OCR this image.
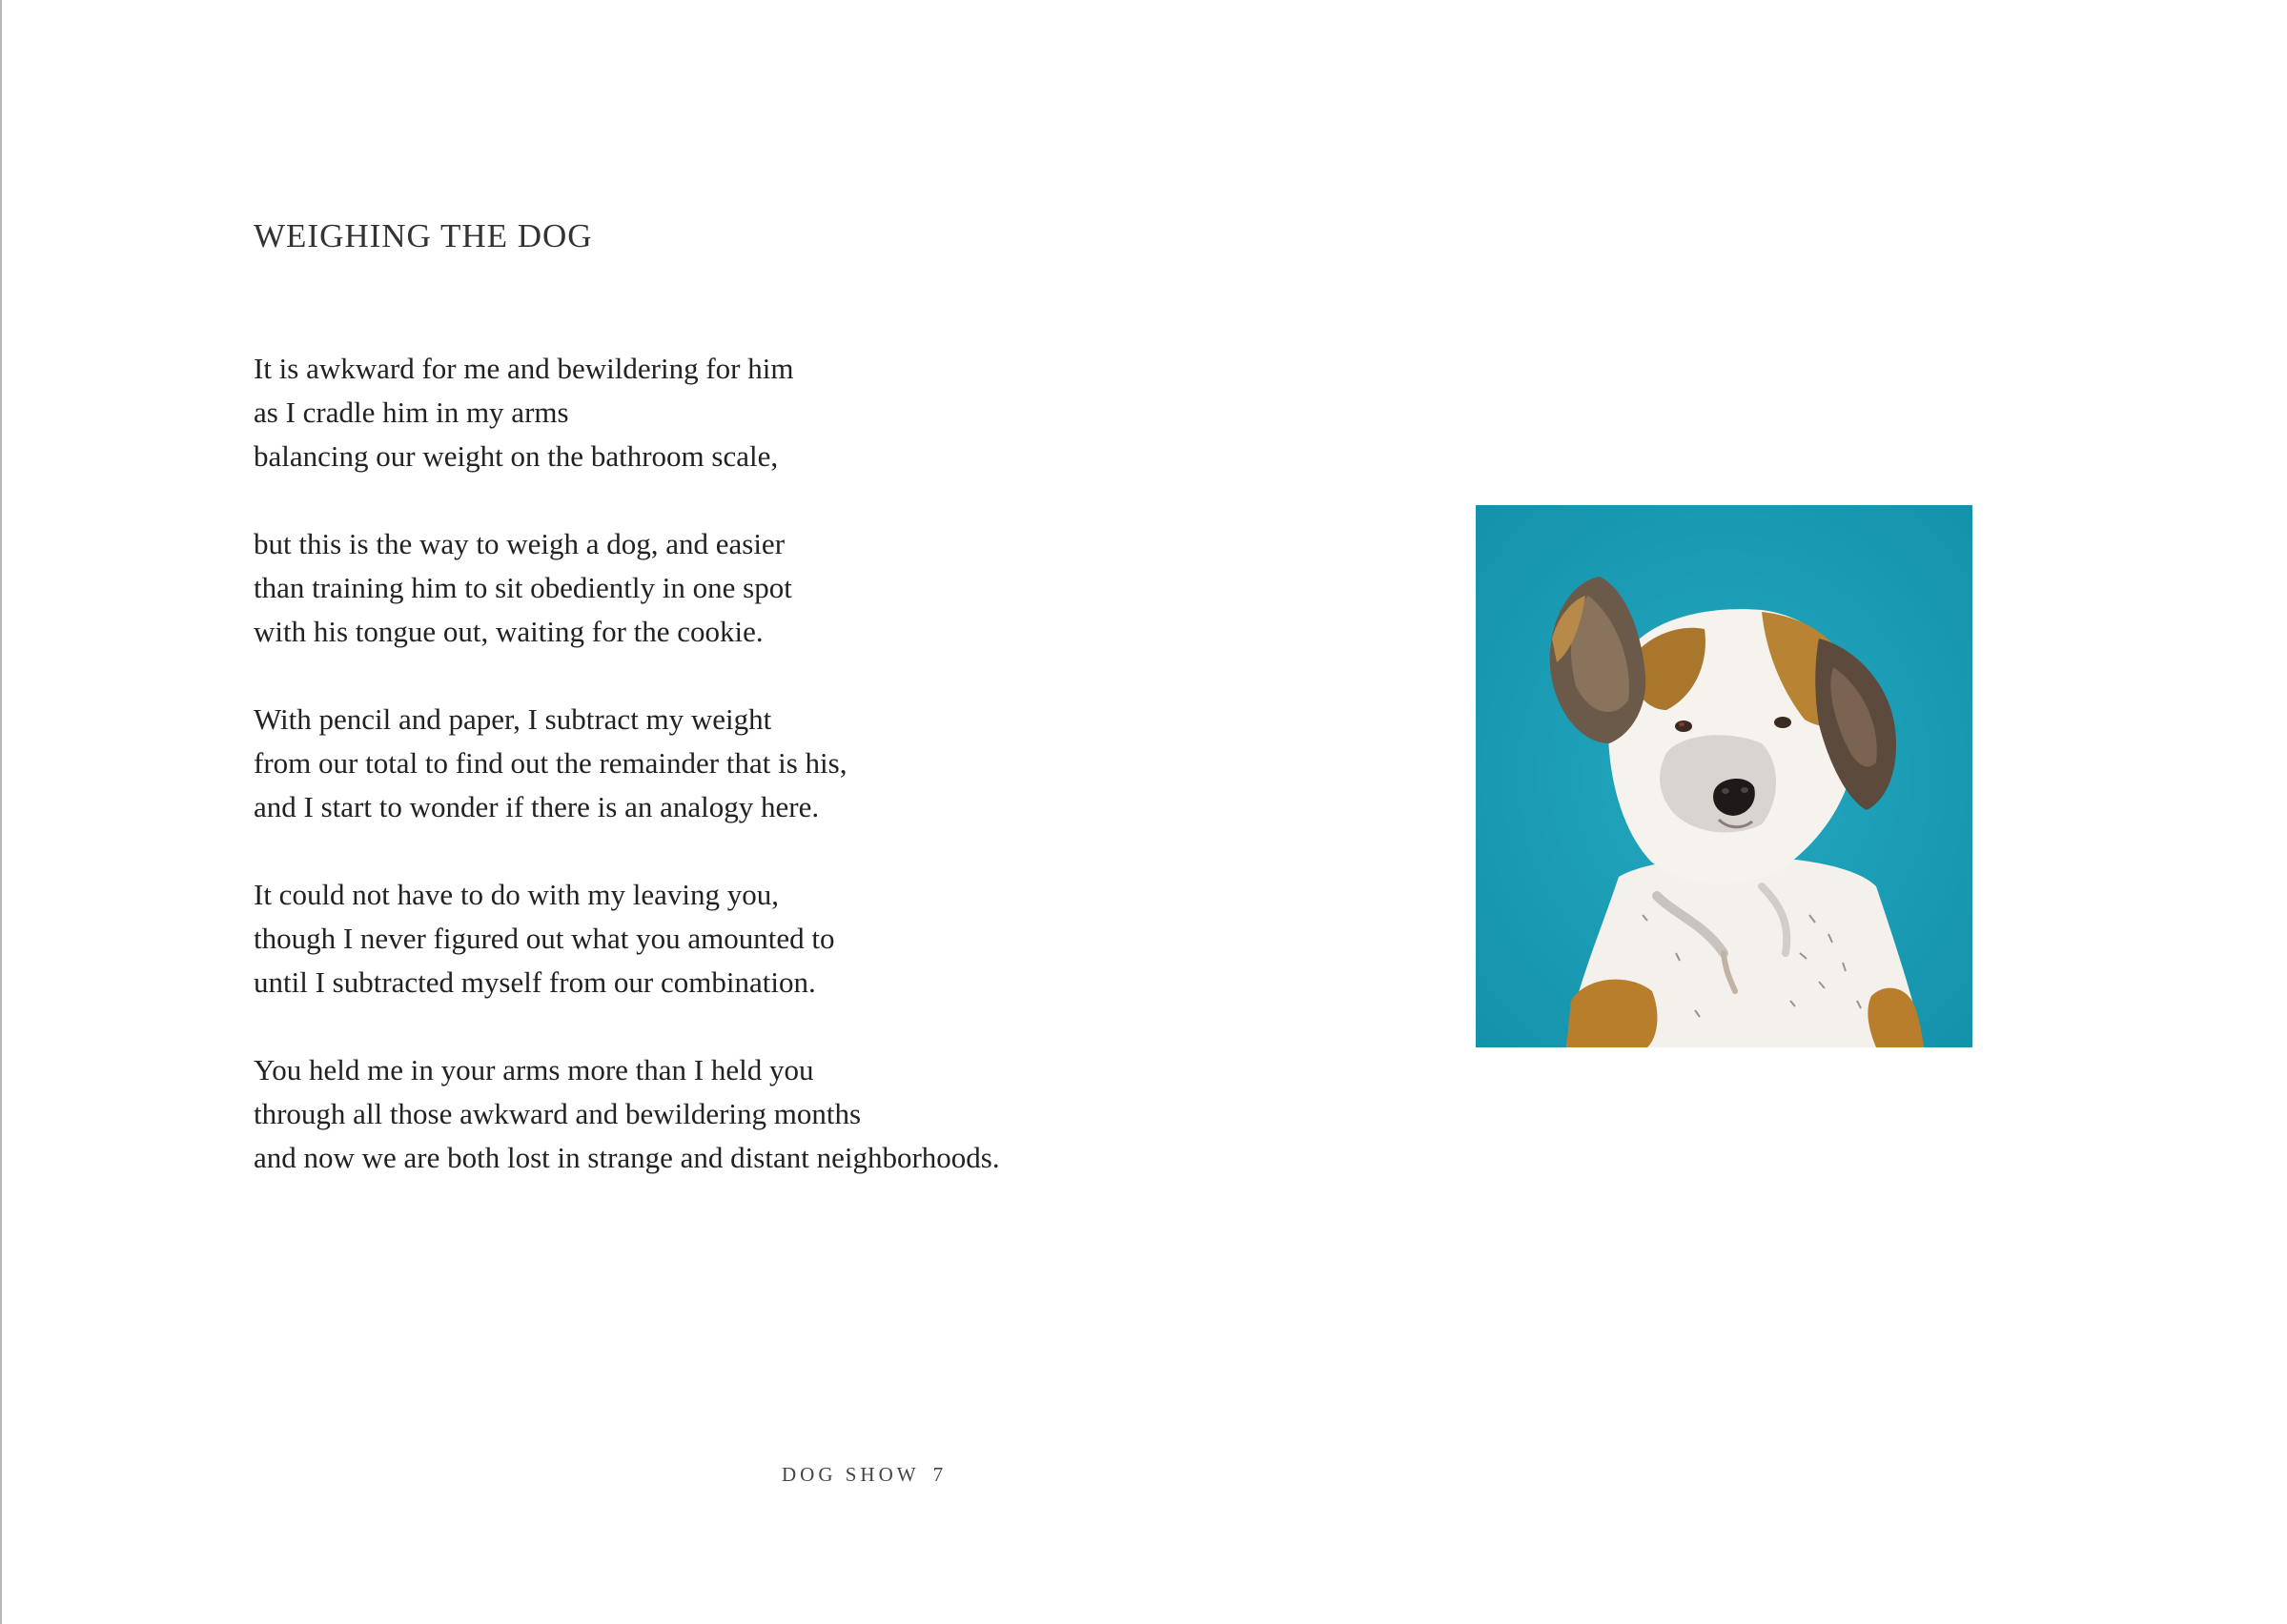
WEIGHING THE DOG
It is awkward for me and bewildering for him
as I cradle him in my arms
balancing our weight on the bathroom scale,
but this is the way to weigh a dog, and easier
than training him to sit obediently in one spot
with his tongue out, waiting for the cookie.
With pencil and paper, I subtract my weight
from our total to find out the remainder that is his,
and I start to wonder if there is an analogy here.
It could not have to do with my leaving you,
though I never figured out what you amounted to
until I subtracted myself from our combination.
You held me in your arms more than I held you
through all those awkward and bewildering months
and now we are both lost in strange and distant neighborhoods.
DOG SHOW 7
